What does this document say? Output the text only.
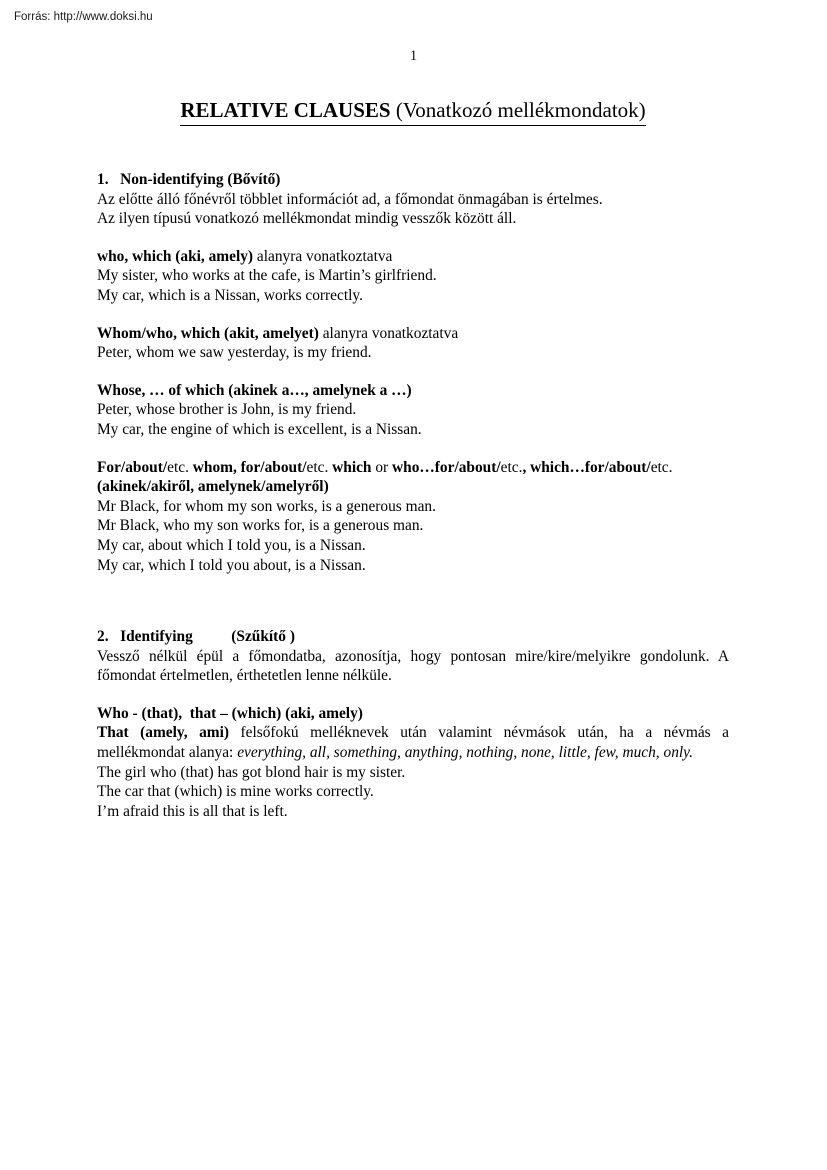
Forrás: http://www.doksi.hu
1
RELATIVE CLAUSES (Vonatkozó mellékmondatok)

1.   Non-identifying (Bővítő)

Az előtte álló főnévről többlet információt ad, a főmondat önmagában is értelmes.

Az ilyen típusú vonatkozó mellékmondat mindig vesszők között áll.

who, which (aki, amely) alanyra vonatkoztatva

My sister, who works at the cafe, is Martin’s girlfriend.

My car, which is a Nissan, works correctly.

Whom/who, which (akit, amelyet) alanyra vonatkoztatva

Peter, whom we saw yesterday, is my friend.

Whose, … of which (akinek a…, amelynek a …)

Peter, whose brother is John, is my friend.

My car, the engine of which is excellent, is a Nissan.

For/about/etc. whom, for/about/etc. which or who…for/about/etc., which…for/about/etc.

(akinek/akiről, amelynek/amelyről)

Mr Black, for whom my son works, is a generous man.

Mr Black, who my son works for, is a generous man.

My car, about which I told you, is a Nissan.

My car, which I told you about, is a Nissan.

2.   Identifying          (Szűkítő )

Vessző nélkül épül a főmondatba, azonosítja, hogy pontosan mire/kire/melyikre gondolunk. A főmondat értelmetlen, érthetetlen lenne nélküle.

Who - (that),  that – (which) (aki, amely)

That (amely, ami) felsőfokú melléknevek után valamint névmások után, ha a névmás a mellékmondat alanya: everything, all, something, anything, nothing, none, little, few, much, only.

The girl who (that) has got blond hair is my sister.

The car that (which) is mine works correctly.

I’m afraid this is all that is left.
